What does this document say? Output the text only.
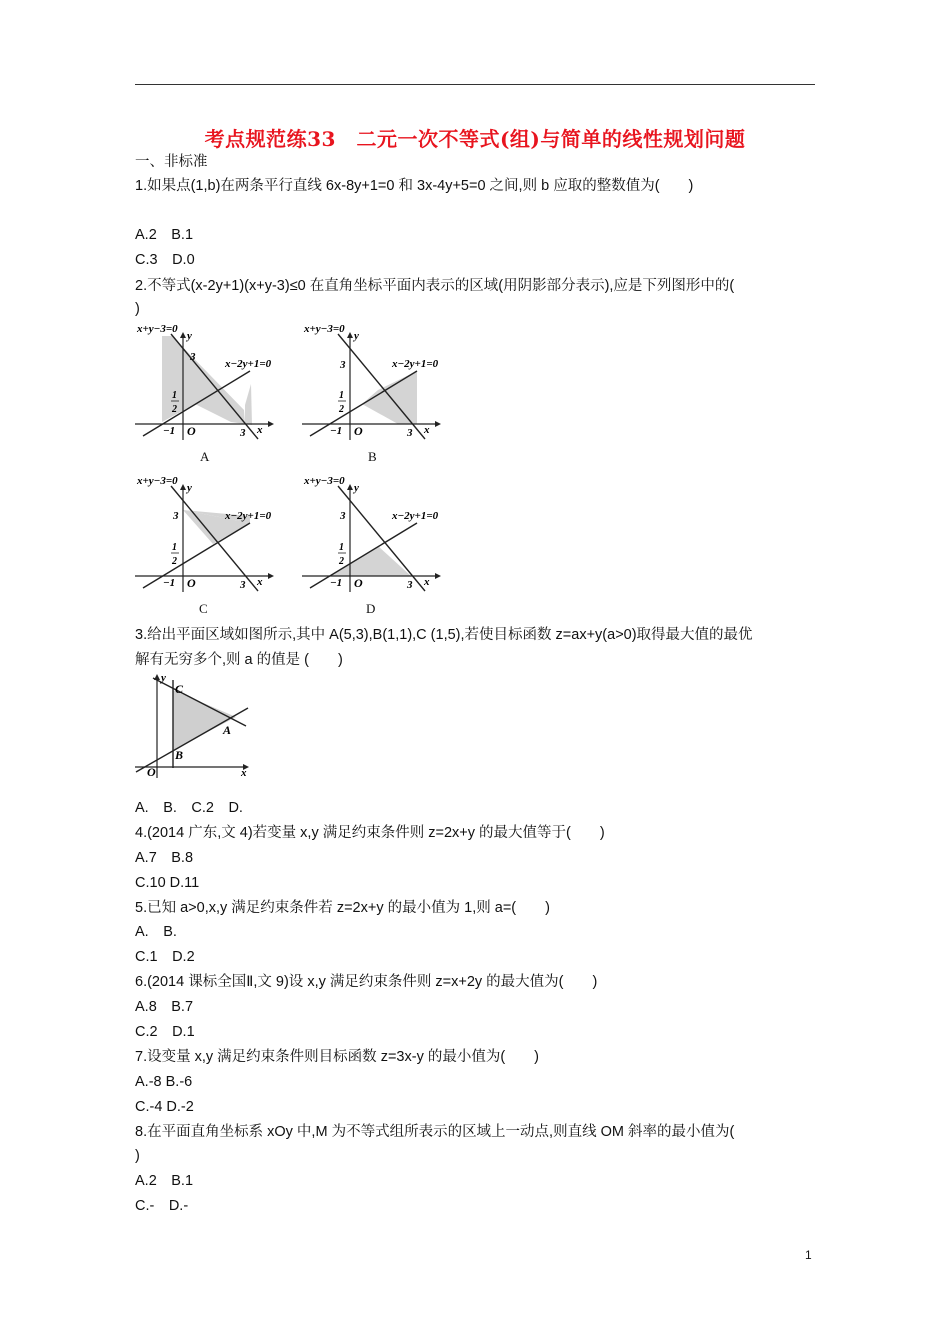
考点规范练33　二元一次不等式(组)与简单的线性规划问题
一、非标准
1.如果点(1,b)在两条平行直线 6x-8y+1=0 和 3x-4y+5=0 之间,则 b 应取的整数值为(　　)
A.2　B.1
C.3　D.0
2.不等式(x-2y+1)(x+y-3)≤0 在直角坐标平面内表示的区域(用阴影部分表示),应是下列图形中的(
)
x+y−3=0
y
3
x−2y+1=0
1
2
−1 O	3 x
A
x+y−3=0
y
3	x−2y+1=0
1
2
−1 O	3 x
B
x+y−3=0
y
3	x−2y+1=0
1
2
−1 O	3 x
C
x+y−3=0
y
3	x−2y+1=0
1
2
−1 O	3 x
D
3.给出平面区域如图所示,其中 A(5,3),B(1,1),C (1,5),若使目标函数 z=ax+y(a>0)取得最大值的最优
解有无穷多个,则 a 的值是 (　　)
y
C
A
B
O	x
A.　B.　C.2　D.
4.(2014 广东,文 4)若变量 x,y 满足约束条件则 z=2x+y 的最大值等于(　　)
A.7　B.8
C.10 D.11
5.已知 a>0,x,y 满足约束条件若 z=2x+y 的最小值为 1,则 a=(　　)
A.　B.
C.1　D.2
6.(2014 课标全国Ⅱ,文 9)设 x,y 满足约束条件则 z=x+2y 的最大值为(　　)
A.8　B.7
C.2　D.1
7.设变量 x,y 满足约束条件则目标函数 z=3x-y 的最小值为(　　)
A.-8 B.-6
C.-4 D.-2
8.在平面直角坐标系 xOy 中,M 为不等式组所表示的区域上一动点,则直线 OM 斜率的最小值为(
)
A.2　B.1
C.-　D.-
1
